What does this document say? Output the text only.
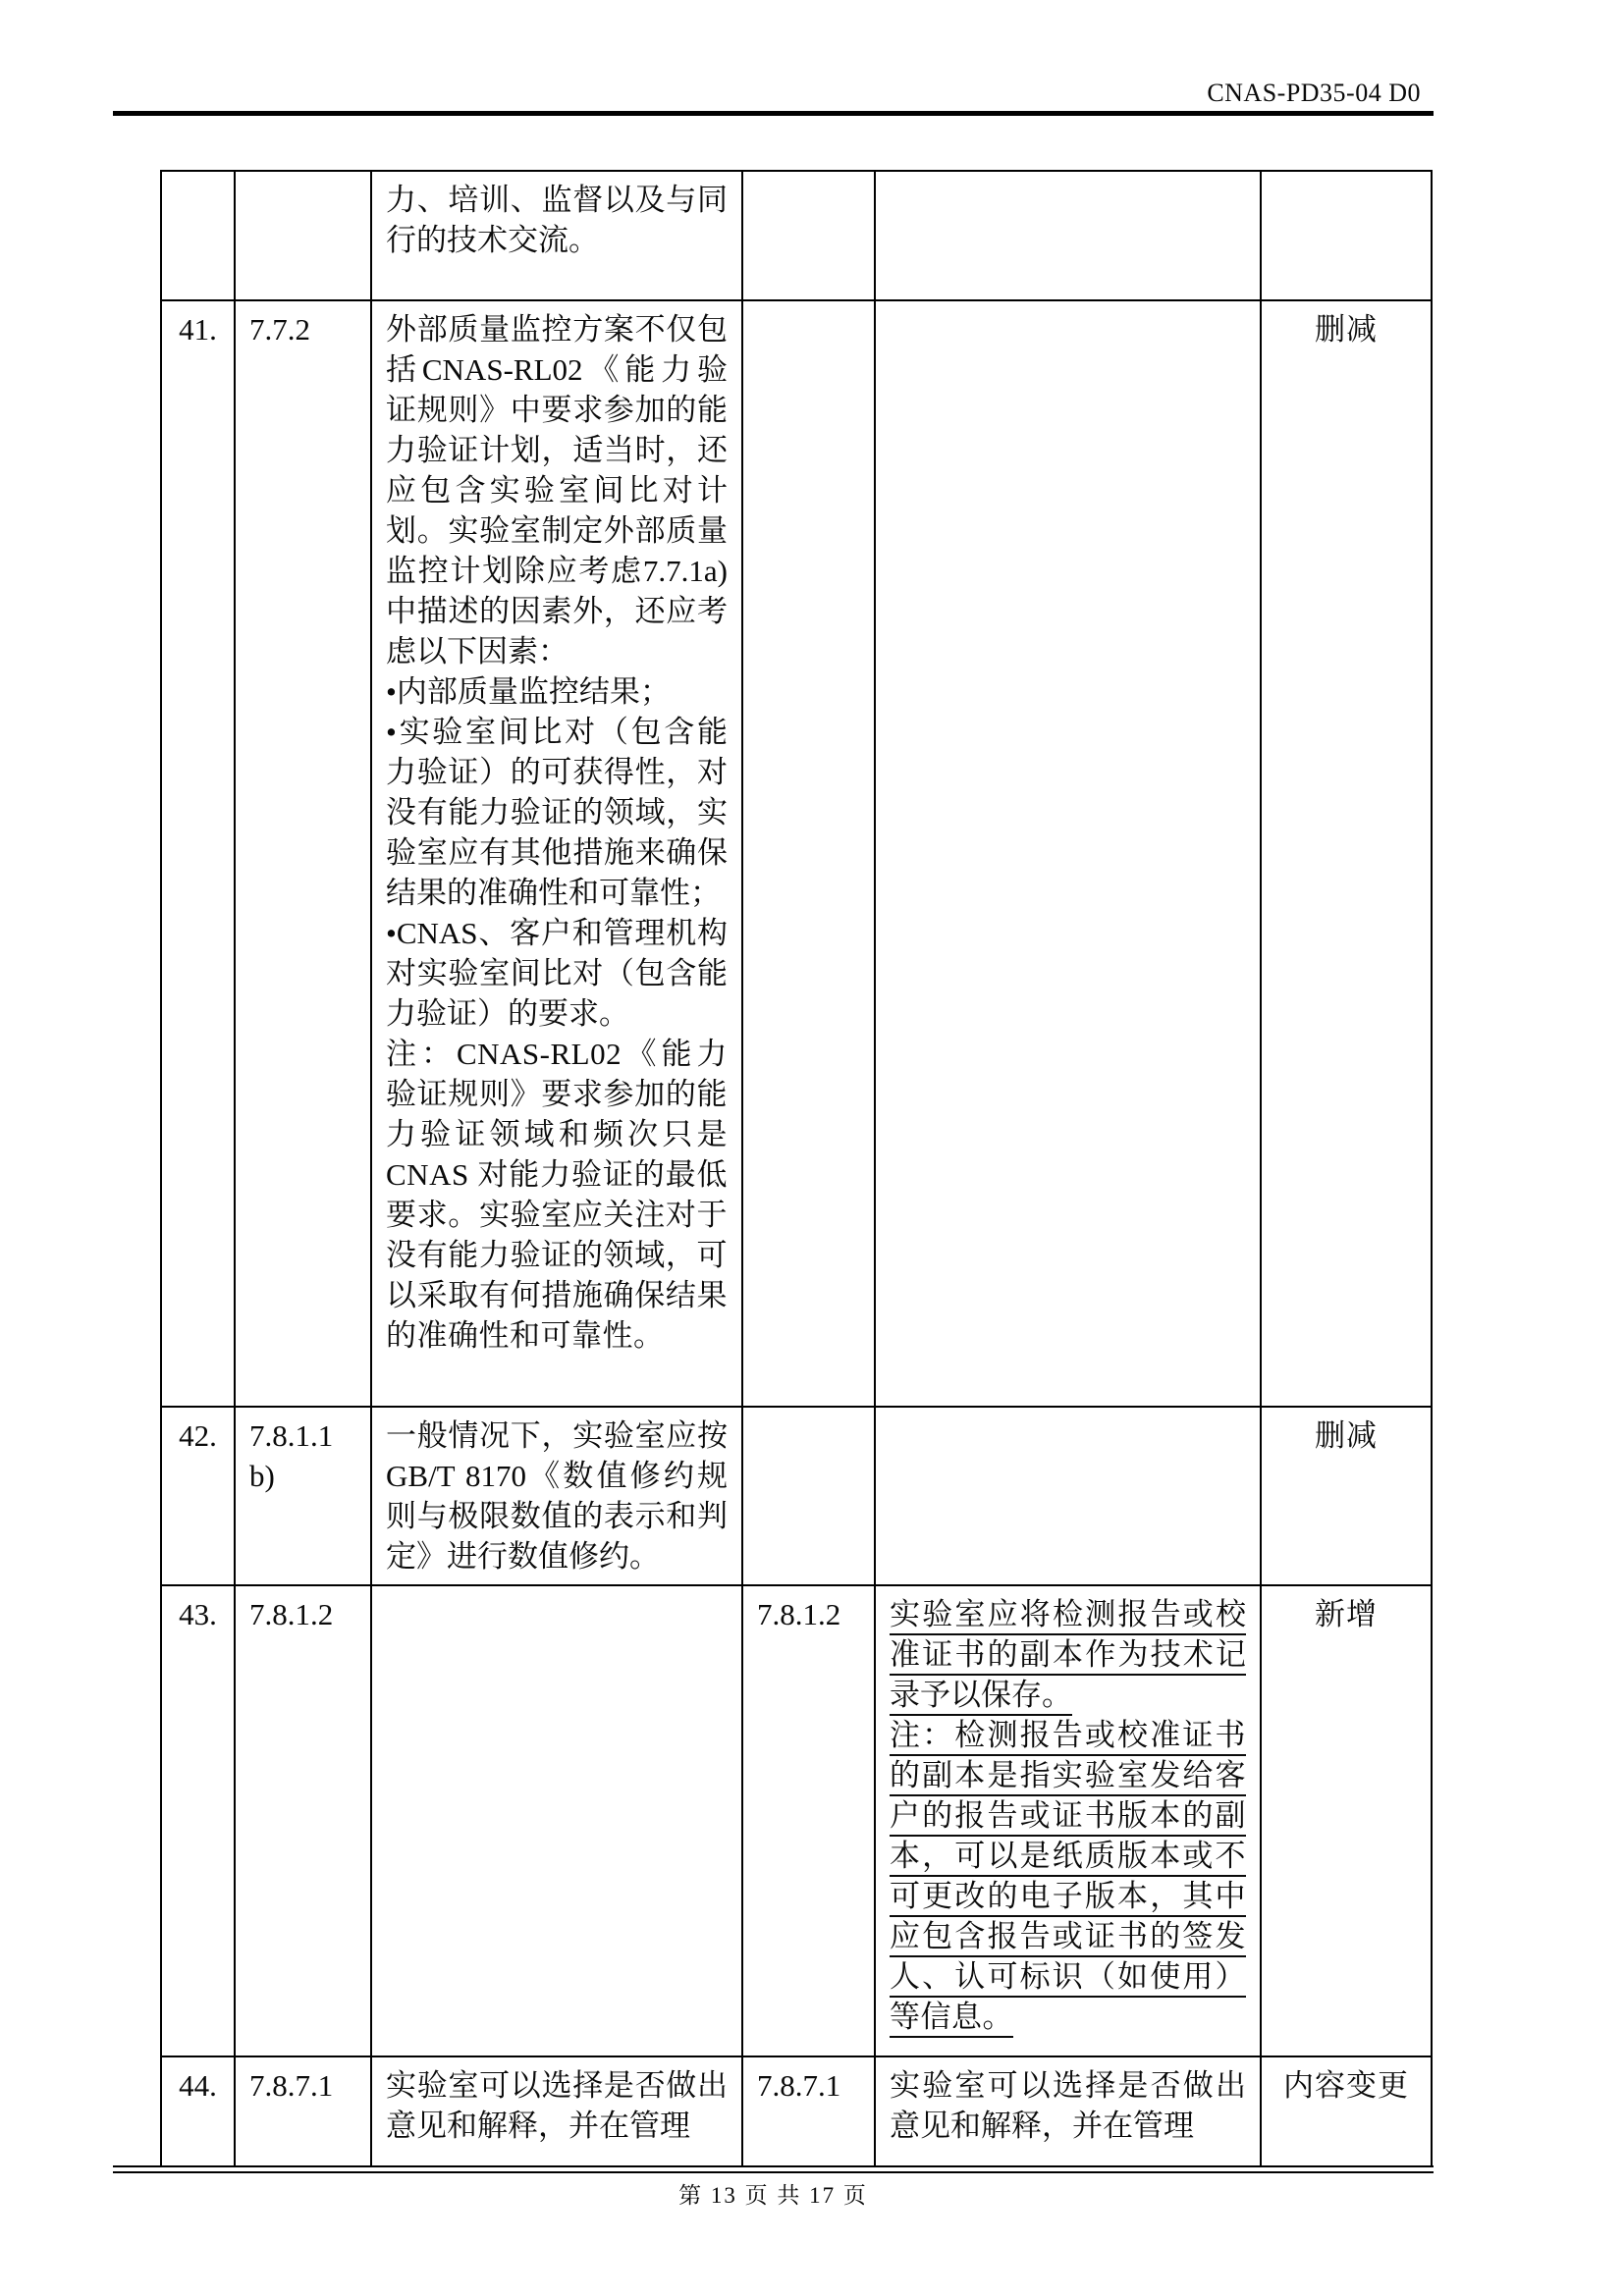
CNAS-PD35-04 D0

		力、培训、监督以及与同行的技术交流。			

41.	7.7.2	外部质量监控方案不仅包括CNAS-RL02《能力验证规则》中要求参加的能力验证计划，适当时，还应包含实验室间比对计划。实验室制定外部质量监控计划除应考虑7.7.1a)中描述的因素外，还应考虑以下因素：
•内部质量监控结果；
•实验室间比对（包含能力验证）的可获得性，对没有能力验证的领域，实验室应有其他措施来确保结果的准确性和可靠性；
•CNAS、客户和管理机构对实验室间比对（包含能力验证）的要求。
注：CNAS-RL02《能力验证规则》要求参加的能力验证领域和频次只是CNAS 对能力验证的最低要求。实验室应关注对于没有能力验证的领域，可以采取有何措施确保结果的准确性和可靠性。			删减
42.	7.8.1.1 b)	一般情况下，实验室应按GB/T 8170《数值修约规则与极限数值的表示和判定》进行数值修约。			删减
43.	7.8.1.2		7.8.1.2	实验室应将检测报告或校准证书的副本作为技术记录予以保存。
注：检测报告或校准证书的副本是指实验室发给客户的报告或证书版本的副本，可以是纸质版本或不可更改的电子版本，其中应包含报告或证书的签发人、认可标识（如使用）等信息。	新增
44.	7.8.7.1	实验室可以选择是否做出意见和解释，并在管理	7.8.7.1	实验室可以选择是否做出意见和解释，并在管理	内容变更
第 13 页 共 17 页
